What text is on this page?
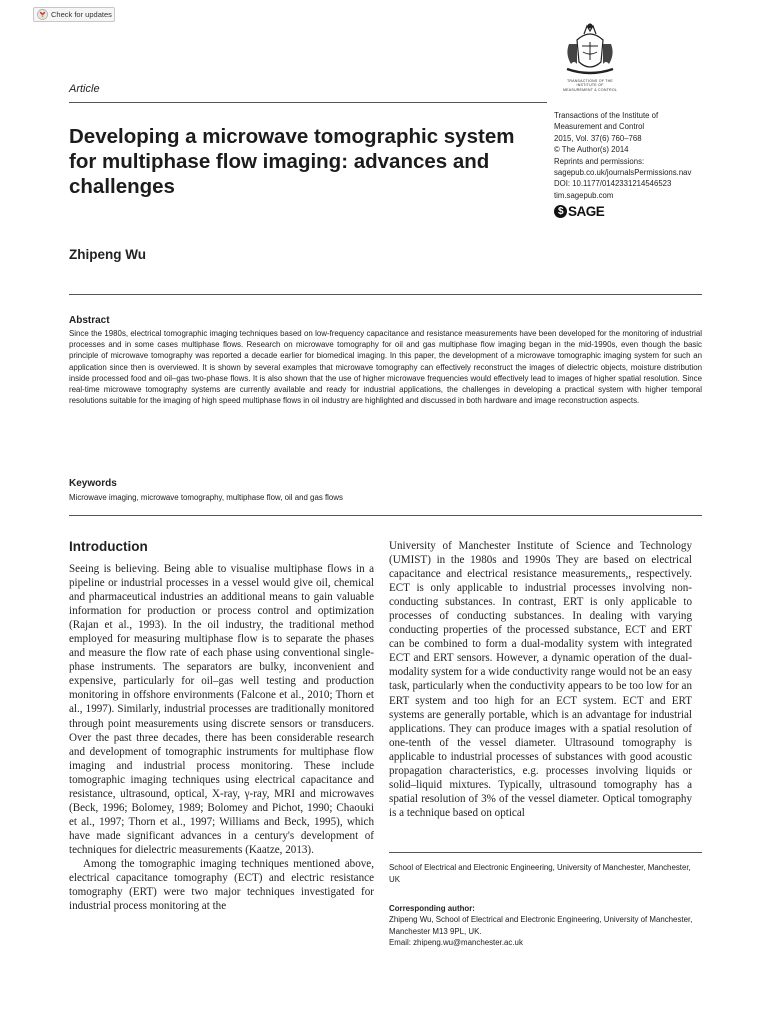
Check for updates
TRANSACTIONS OF THE
INSTITUTE OF
MEASUREMENT & CONTROL
Article
Developing a microwave tomographic system for multiphase flow imaging: advances and challenges
Transactions of the Institute of
Measurement and Control
2015, Vol. 37(6) 760–768
© The Author(s) 2014
Reprints and permissions:
sagepub.co.uk/journalsPermissions.nav
DOI: 10.1177/0142331214546523
tim.sagepub.com
$ SAGE
Zhipeng Wu
Abstract

Since the 1980s, electrical tomographic imaging techniques based on low-frequency capacitance and resistance measurements have been developed for the monitoring of industrial processes and in some cases multiphase flows. Research on microwave tomography for oil and gas multiphase flow imaging began in the mid-1990s, even though the basic principle of microwave tomography was reported a decade earlier for biomedical imaging. In this paper, the development of a microwave tomographic imaging system for such an application since then is overviewed. It is shown by several examples that microwave tomography can effectively reconstruct the images of dielectric objects, moisture distribution inside processed food and oil–gas two-phase flows. It is also shown that the use of higher microwave frequencies would effectively lead to images of higher spatial resolution. Since real-time microwave tomography systems are currently available and ready for industrial applications, the challenges in developing a practical system with higher temporal resolutions suitable for the imaging of high speed multiphase flows in oil industry are highlighted and discussed in both hardware and image reconstruction aspects.

Keywords
Microwave imaging, microwave tomography, multiphase flow, oil and gas flows
Introduction

Seeing is believing. Being able to visualise multiphase flows in a pipeline or industrial processes in a vessel would give oil, chemical and pharmaceutical industries an additional means to gain valuable information for production or process control and optimization (Rajan et al., 1993). In the oil industry, the traditional method employed for measuring multiphase flow is to separate the phases and measure the flow rate of each phase using conventional single-phase instruments. The separators are bulky, inconvenient and expensive, particularly for oil–gas well testing and production monitoring in offshore environments (Falcone et al., 2010; Thorn et al., 1997). Similarly, industrial processes are traditionally monitored through point measurements using discrete sensors or transducers. Over the past three decades, there has been considerable research and development of tomographic instruments for multiphase flow imaging and industrial process monitoring. These include tomographic imaging techniques using electrical capacitance and resistance, ultrasound, optical, X-ray, γ-ray, MRI and microwaves (Beck, 1996; Bolomey, 1989; Bolomey and Pichot, 1990; Chaouki et al., 1997; Thorn et al., 1997; Williams and Beck, 1995), which have made significant advances in a century's development of techniques for dielectric measurements (Kaatze, 2013).

Among the tomographic imaging techniques mentioned above, electrical capacitance tomography (ECT) and electric resistance tomography (ERT) were two major techniques investigated for industrial process monitoring at the

University of Manchester Institute of Science and Technology (UMIST) in the 1980s and 1990s They are based on electrical capacitance and electrical resistance measurements,, respectively. ECT is only applicable to industrial processes involving non-conducting substances. In contrast, ERT is only applicable to processes of conducting substances. In dealing with varying conducting properties of the processed substance, ECT and ERT can be combined to form a dual-modality system with integrated ECT and ERT sensors. However, a dynamic operation of the dual-modality system for a wide conductivity range would not be an easy task, particularly when the conductivity appears to be too low for an ERT system and too high for an ECT system. ECT and ERT systems are generally portable, which is an advantage for industrial applications. They can produce images with a spatial resolution of one-tenth of the vessel diameter. Ultrasound tomography is applicable to industrial processes of substances with good acoustic propagation characteristics, e.g. processes involving liquids or solid–liquid mixtures. Typically, ultrasound tomography has a spatial resolution of 3% of the vessel diameter. Optical tomography is a technique based on optical

School of Electrical and Electronic Engineering, University of Manchester, Manchester, UK
Corresponding author:
Zhipeng Wu, School of Electrical and Electronic Engineering, University of Manchester, Manchester M13 9PL, UK.
Email: zhipeng.wu@manchester.ac.uk
